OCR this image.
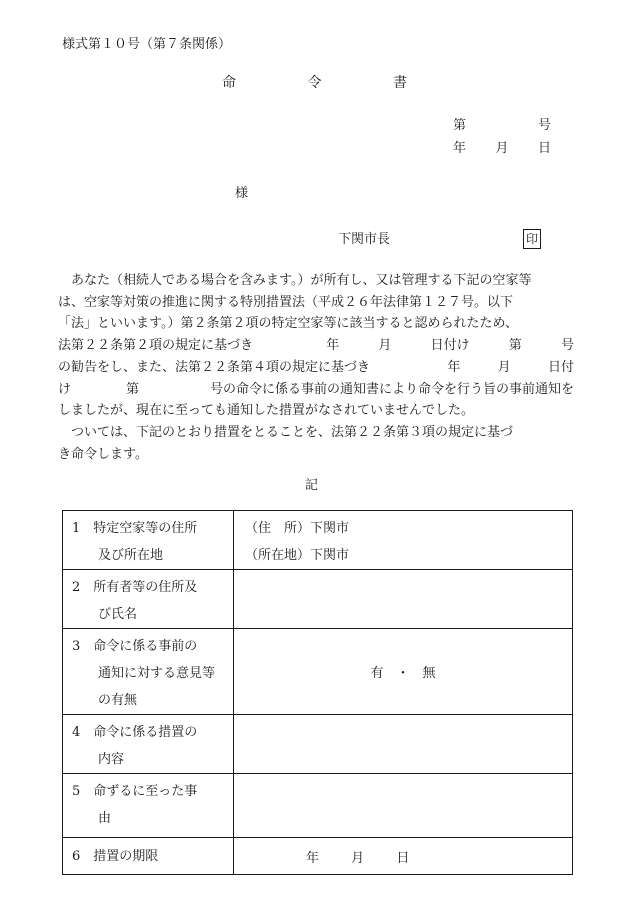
様式第１０号（第７条関係）
命	令	書
第	号
年 月 日
様
下関市長	印
あなた（相続人である場合を含みます。）が所有し、又は管理する下記の空家等
は、空家等対策の推進に関する特別措置法（平成２６年法律第１２７号。以下
「法」といいます。）第２条第２項の特定空家等に該当すると認められたため、
法第２２条第２項の規定に基づき	年	月	日付け	第	号
の勧告をし、また、法第２２条第４項の規定に基づき	年	月	日付
け	第	号の命令に係る事前の通知書により命令を行う旨の事前通知を
しましたが、現在に至っても通知した措置がなされていませんでした。
ついては、下記のとおり措置をとることを、法第２２条第３項の規定に基づ
き命令します。
記
1　特定空家等の住所
及び所在地	（住　所）下関市
（所在地）下関市

2　所有者等の住所及
び氏名	

3　命令に係る事前の
通知に対する意見等
の有無	有　・　無

4　命令に係る措置の
内容	

5　命ずるに至った事
由	

6　措置の期限	年 月 日
